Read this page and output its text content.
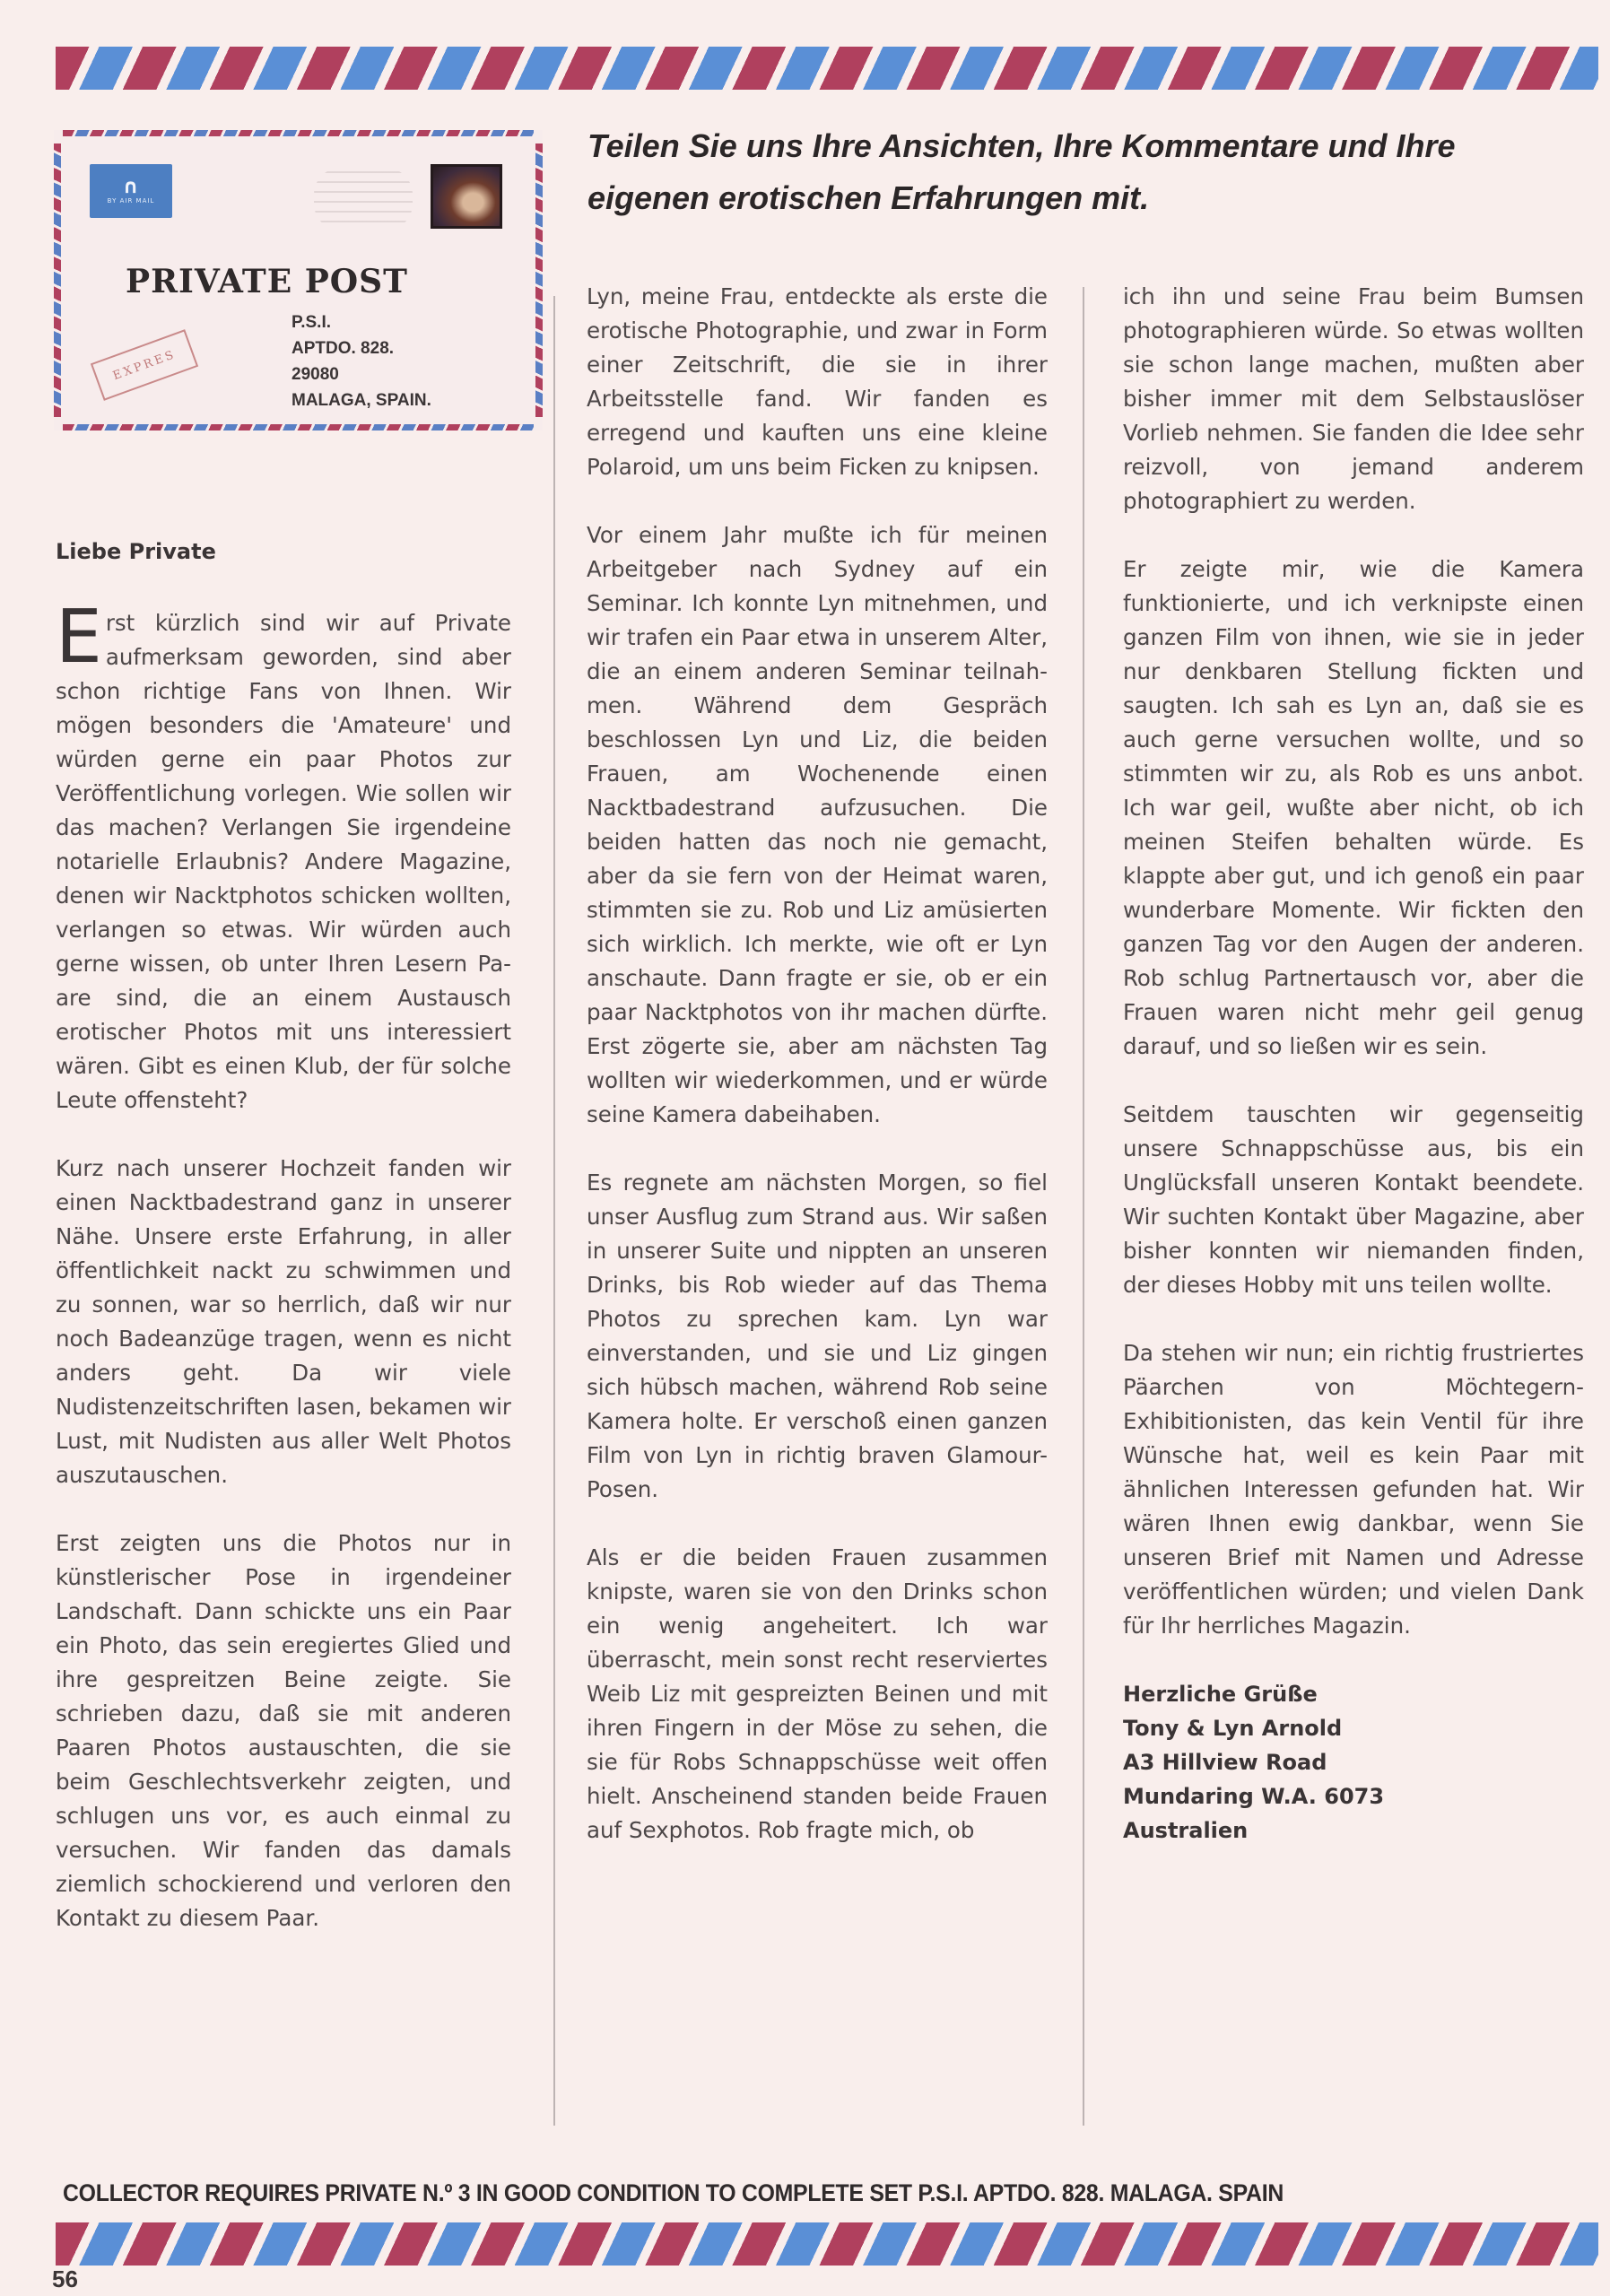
∩
BY AIR MAIL
PRIVATE POST
P.S.I.
APTDO. 828.
29080
MALAGA, SPAIN.
EXPRES
Teilen Sie uns Ihre Ansichten, Ihre Kommentare und Ihre eigenen erotischen Erfahrungen mit.

Liebe Private

Erst kürzlich sind wir auf Private aufmerksam geworden, sind aber schon richtige Fans von Ihnen. Wir mögen besonders die 'Amateure' und würden gerne ein paar Photos zur Veröffentlichung vorlegen. Wie sollen wir das machen? Verlangen Sie irgendeine notarielle Erlaubnis? Andere Magazine, denen wir Nacktphotos schicken wollten, verlangen so etwas. Wir würden auch gerne wissen, ob unter Ihren Lesern Paare sind, die an einem Austausch erotischer Photos mit uns interessiert wären. Gibt es einen Klub, der für solche Leute offensteht?

Kurz nach unserer Hochzeit fanden wir einen Nacktbadestrand ganz in unserer Nähe. Unsere erste Erfahrung, in aller öffentlichkeit nackt zu schwimmen und zu sonnen, war so herrlich, daß wir nur noch Badeanzüge tragen, wenn es nicht anders geht. Da wir viele Nudistenzeitschriften lasen, bekamen wir Lust, mit Nudisten aus aller Welt Photos auszutauschen.

Erst zeigten uns die Photos nur in künstlerischer Pose in irgendeiner Landschaft. Dann schickte uns ein Paar ein Photo, das sein eregiertes Glied und ihre gespreitzen Beine zeigte. Sie schrieben dazu, daß sie mit anderen Paaren Photos austauschten, die sie beim Geschlechtsverkehr zeigten, und schlugen uns vor, es auch einmal zu versuchen. Wir fanden das damals ziemlich schockierend und verloren den Kontakt zu diesem Paar.

Lyn, meine Frau, entdeckte als erste die erotische Photographie, und zwar in Form einer Zeitschrift, die sie in ihrer Arbeitsstelle fand. Wir fanden es erregend und kauften uns eine kleine Polaroid, um uns beim Ficken zu knipsen.

Vor einem Jahr mußte ich für meinen Arbeitgeber nach Sydney auf ein Seminar. Ich konnte Lyn mitnehmen, und wir trafen ein Paar etwa in unserem Alter, die an einem anderen Seminar teilnahmen. Während dem Gespräch beschlossen Lyn und Liz, die beiden Frauen, am Wochenende einen Nacktbadestrand aufzusuchen. Die beiden hatten das noch nie gemacht, aber da sie fern von der Heimat waren, stimmten sie zu. Rob und Liz amüsierten sich wirklich. Ich merkte, wie oft er Lyn anschaute. Dann fragte er sie, ob er ein paar Nacktphotos von ihr machen dürfte. Erst zögerte sie, aber am nächsten Tag wollten wir wiederkommen, und er würde seine Kamera dabeihaben.

Es regnete am nächsten Morgen, so fiel unser Ausflug zum Strand aus. Wir saßen in unserer Suite und nippten an unseren Drinks, bis Rob wieder auf das Thema Photos zu sprechen kam. Lyn war einverstanden, und sie und Liz gingen sich hübsch machen, während Rob seine Kamera holte. Er verschoß einen ganzen Film von Lyn in richtig braven Glamour-Posen.

Als er die beiden Frauen zusammen knipste, waren sie von den Drinks schon ein wenig angeheitert. Ich war überrascht, mein sonst recht reserviertes Weib Liz mit gespreizten Beinen und mit ihren Fingern in der Möse zu sehen, die sie für Robs Schnappschüsse weit offen hielt. Anscheinend standen beide Frauen auf Sexphotos. Rob fragte mich, ob

ich ihn und seine Frau beim Bumsen photographieren würde. So etwas wollten sie schon lange machen, mußten aber bisher immer mit dem Selbstauslöser Vorlieb nehmen. Sie fanden die Idee sehr reizvoll, von jemand anderem photographiert zu werden.

Er zeigte mir, wie die Kamera funktionierte, und ich verknipste einen ganzen Film von ihnen, wie sie in jeder nur denkbaren Stellung fickten und saugten. Ich sah es Lyn an, daß sie es auch gerne versuchen wollte, und so stimmten wir zu, als Rob es uns anbot. Ich war geil, wußte aber nicht, ob ich meinen Steifen behalten würde. Es klappte aber gut, und ich genoß ein paar wunderbare Momente. Wir fickten den ganzen Tag vor den Augen der anderen. Rob schlug Partnertausch vor, aber die Frauen waren nicht mehr geil genug darauf, und so ließen wir es sein.

Seitdem tauschten wir gegenseitig unsere Schnappschüsse aus, bis ein Unglücksfall unseren Kontakt beendete. Wir suchten Kontakt über Magazine, aber bisher konnten wir niemanden finden, der dieses Hobby mit uns teilen wollte.

Da stehen wir nun; ein richtig frustriertes Päarchen von Möchtegern-Exhibitionisten, das kein Ventil für ihre Wünsche hat, weil es kein Paar mit ähnlichen Interessen gefunden hat. Wir wären Ihnen ewig dankbar, wenn Sie unseren Brief mit Namen und Adresse veröffentlichen würden; und vielen Dank für Ihr herrliches Magazin.

Herzliche Grüße

Tony & Lyn Arnold

A3 Hillview Road

Mundaring W.A. 6073

Australien

COLLECTOR REQUIRES PRIVATE N.º 3 IN GOOD CONDITION TO COMPLETE SET P.S.I. APTDO. 828. MALAGA. SPAIN
56
